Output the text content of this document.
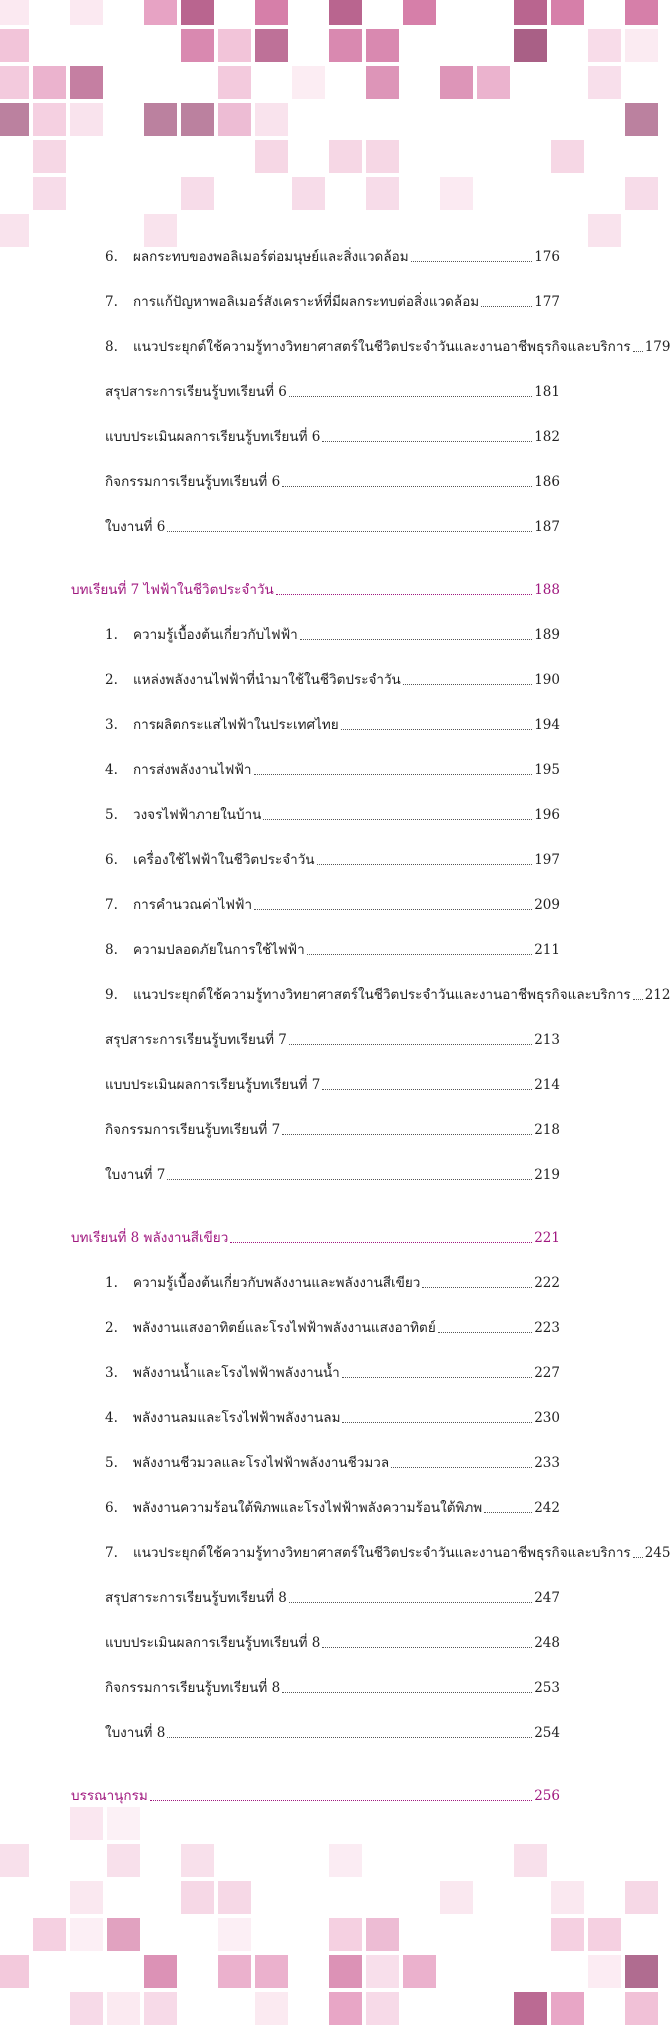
6.	ผลกระทบของพอลิเมอร์ต่อมนุษย์และสิ่งแวดล้อม	176
7.	การแก้ปัญหาพอลิเมอร์สังเคราะห์ที่มีผลกระทบต่อสิ่งแวดล้อม	177
8.	แนวประยุกต์ใช้ความรู้ทางวิทยาศาสตร์ในชีวิตประจำวันและงานอาชีพธุรกิจและบริการ 179
สรุปสาระการเรียนรู้บทเรียนที่ 6	181
แบบประเมินผลการเรียนรู้บทเรียนที่ 6	182
กิจกรรมการเรียนรู้บทเรียนที่ 6	186
ใบงานที่ 6	187
บทเรียนที่ 7 ไฟฟ้าในชีวิตประจำวัน	188
1.	ความรู้เบื้องต้นเกี่ยวกับไฟฟ้า	189
2.	แหล่งพลังงานไฟฟ้าที่นำมาใช้ในชีวิตประจำวัน	190
3.	การผลิตกระแสไฟฟ้าในประเทศไทย	194
4.	การส่งพลังงานไฟฟ้า	195
5.	วงจรไฟฟ้าภายในบ้าน	196
6.	เครื่องใช้ไฟฟ้าในชีวิตประจำวัน	197
7.	การคำนวณค่าไฟฟ้า	209
8.	ความปลอดภัยในการใช้ไฟฟ้า	211
9.	แนวประยุกต์ใช้ความรู้ทางวิทยาศาสตร์ในชีวิตประจำวันและงานอาชีพธุรกิจและบริการ 212
สรุปสาระการเรียนรู้บทเรียนที่ 7	213
แบบประเมินผลการเรียนรู้บทเรียนที่ 7	214
กิจกรรมการเรียนรู้บทเรียนที่ 7	218
ใบงานที่ 7	219
บทเรียนที่ 8 พลังงานสีเขียว	221
1.	ความรู้เบื้องต้นเกี่ยวกับพลังงานและพลังงานสีเขียว	222
2.	พลังงานแสงอาทิตย์และโรงไฟฟ้าพลังงานแสงอาทิตย์	223
3.	พลังงานน้ำและโรงไฟฟ้าพลังงานน้ำ	227
4.	พลังงานลมและโรงไฟฟ้าพลังงานลม	230
5.	พลังงานชีวมวลและโรงไฟฟ้าพลังงานชีวมวล	233
6.	พลังงานความร้อนใต้พิภพและโรงไฟฟ้าพลังความร้อนใต้พิภพ	242
7.	แนวประยุกต์ใช้ความรู้ทางวิทยาศาสตร์ในชีวิตประจำวันและงานอาชีพธุรกิจและบริการ 245
สรุปสาระการเรียนรู้บทเรียนที่ 8	247
แบบประเมินผลการเรียนรู้บทเรียนที่ 8	248
กิจกรรมการเรียนรู้บทเรียนที่ 8	253
ใบงานที่ 8	254
บรรณานุกรม	256
